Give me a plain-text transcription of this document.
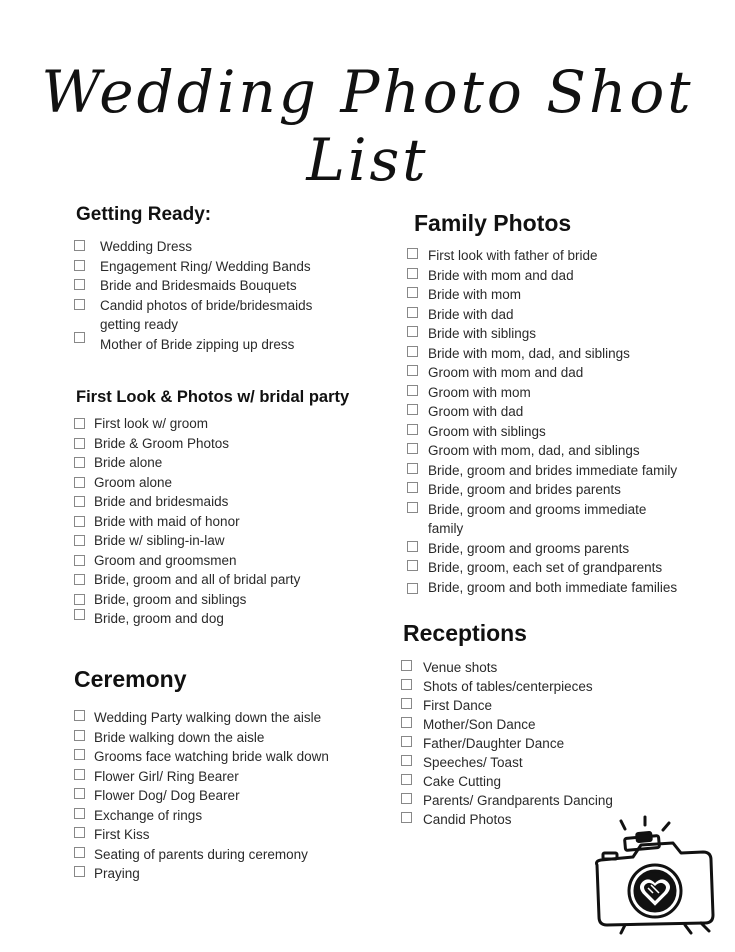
Wedding Photo Shot List
Getting Ready:
Wedding Dress
Engagement Ring/ Wedding Bands
Bride and Bridesmaids Bouquets
Candid photos of bride/bridesmaids
getting ready
Mother of Bride zipping up dress
First Look & Photos w/ bridal party
First look w/ groom
Bride & Groom Photos
Bride alone
Groom alone
Bride and bridesmaids
Bride with maid of honor
Bride w/ sibling-in-law
Groom and groomsmen
Bride, groom and all of bridal party
Bride, groom and siblings
Bride, groom and dog
Ceremony
Wedding Party walking down the aisle
Bride walking down the aisle
Grooms face watching bride walk down
Flower Girl/ Ring Bearer
Flower Dog/ Dog Bearer
Exchange of rings
First Kiss
Seating of parents during ceremony
Praying
Family Photos
First look with father of bride
Bride with mom and dad
Bride with mom
Bride with dad
Bride with siblings
Bride with mom, dad, and siblings
Groom with mom and dad
Groom with mom
Groom with dad
Groom with siblings
Groom with mom, dad, and siblings
Bride, groom and brides immediate family
Bride, groom and brides parents
Bride, groom and grooms immediate
family
Bride, groom and grooms parents
Bride, groom, each set of grandparents
Bride, groom and both immediate families
Receptions
Venue shots
Shots of tables/centerpieces
First Dance
Mother/Son Dance
Father/Daughter Dance
Speeches/ Toast
Cake Cutting
Parents/ Grandparents Dancing
Candid Photos
